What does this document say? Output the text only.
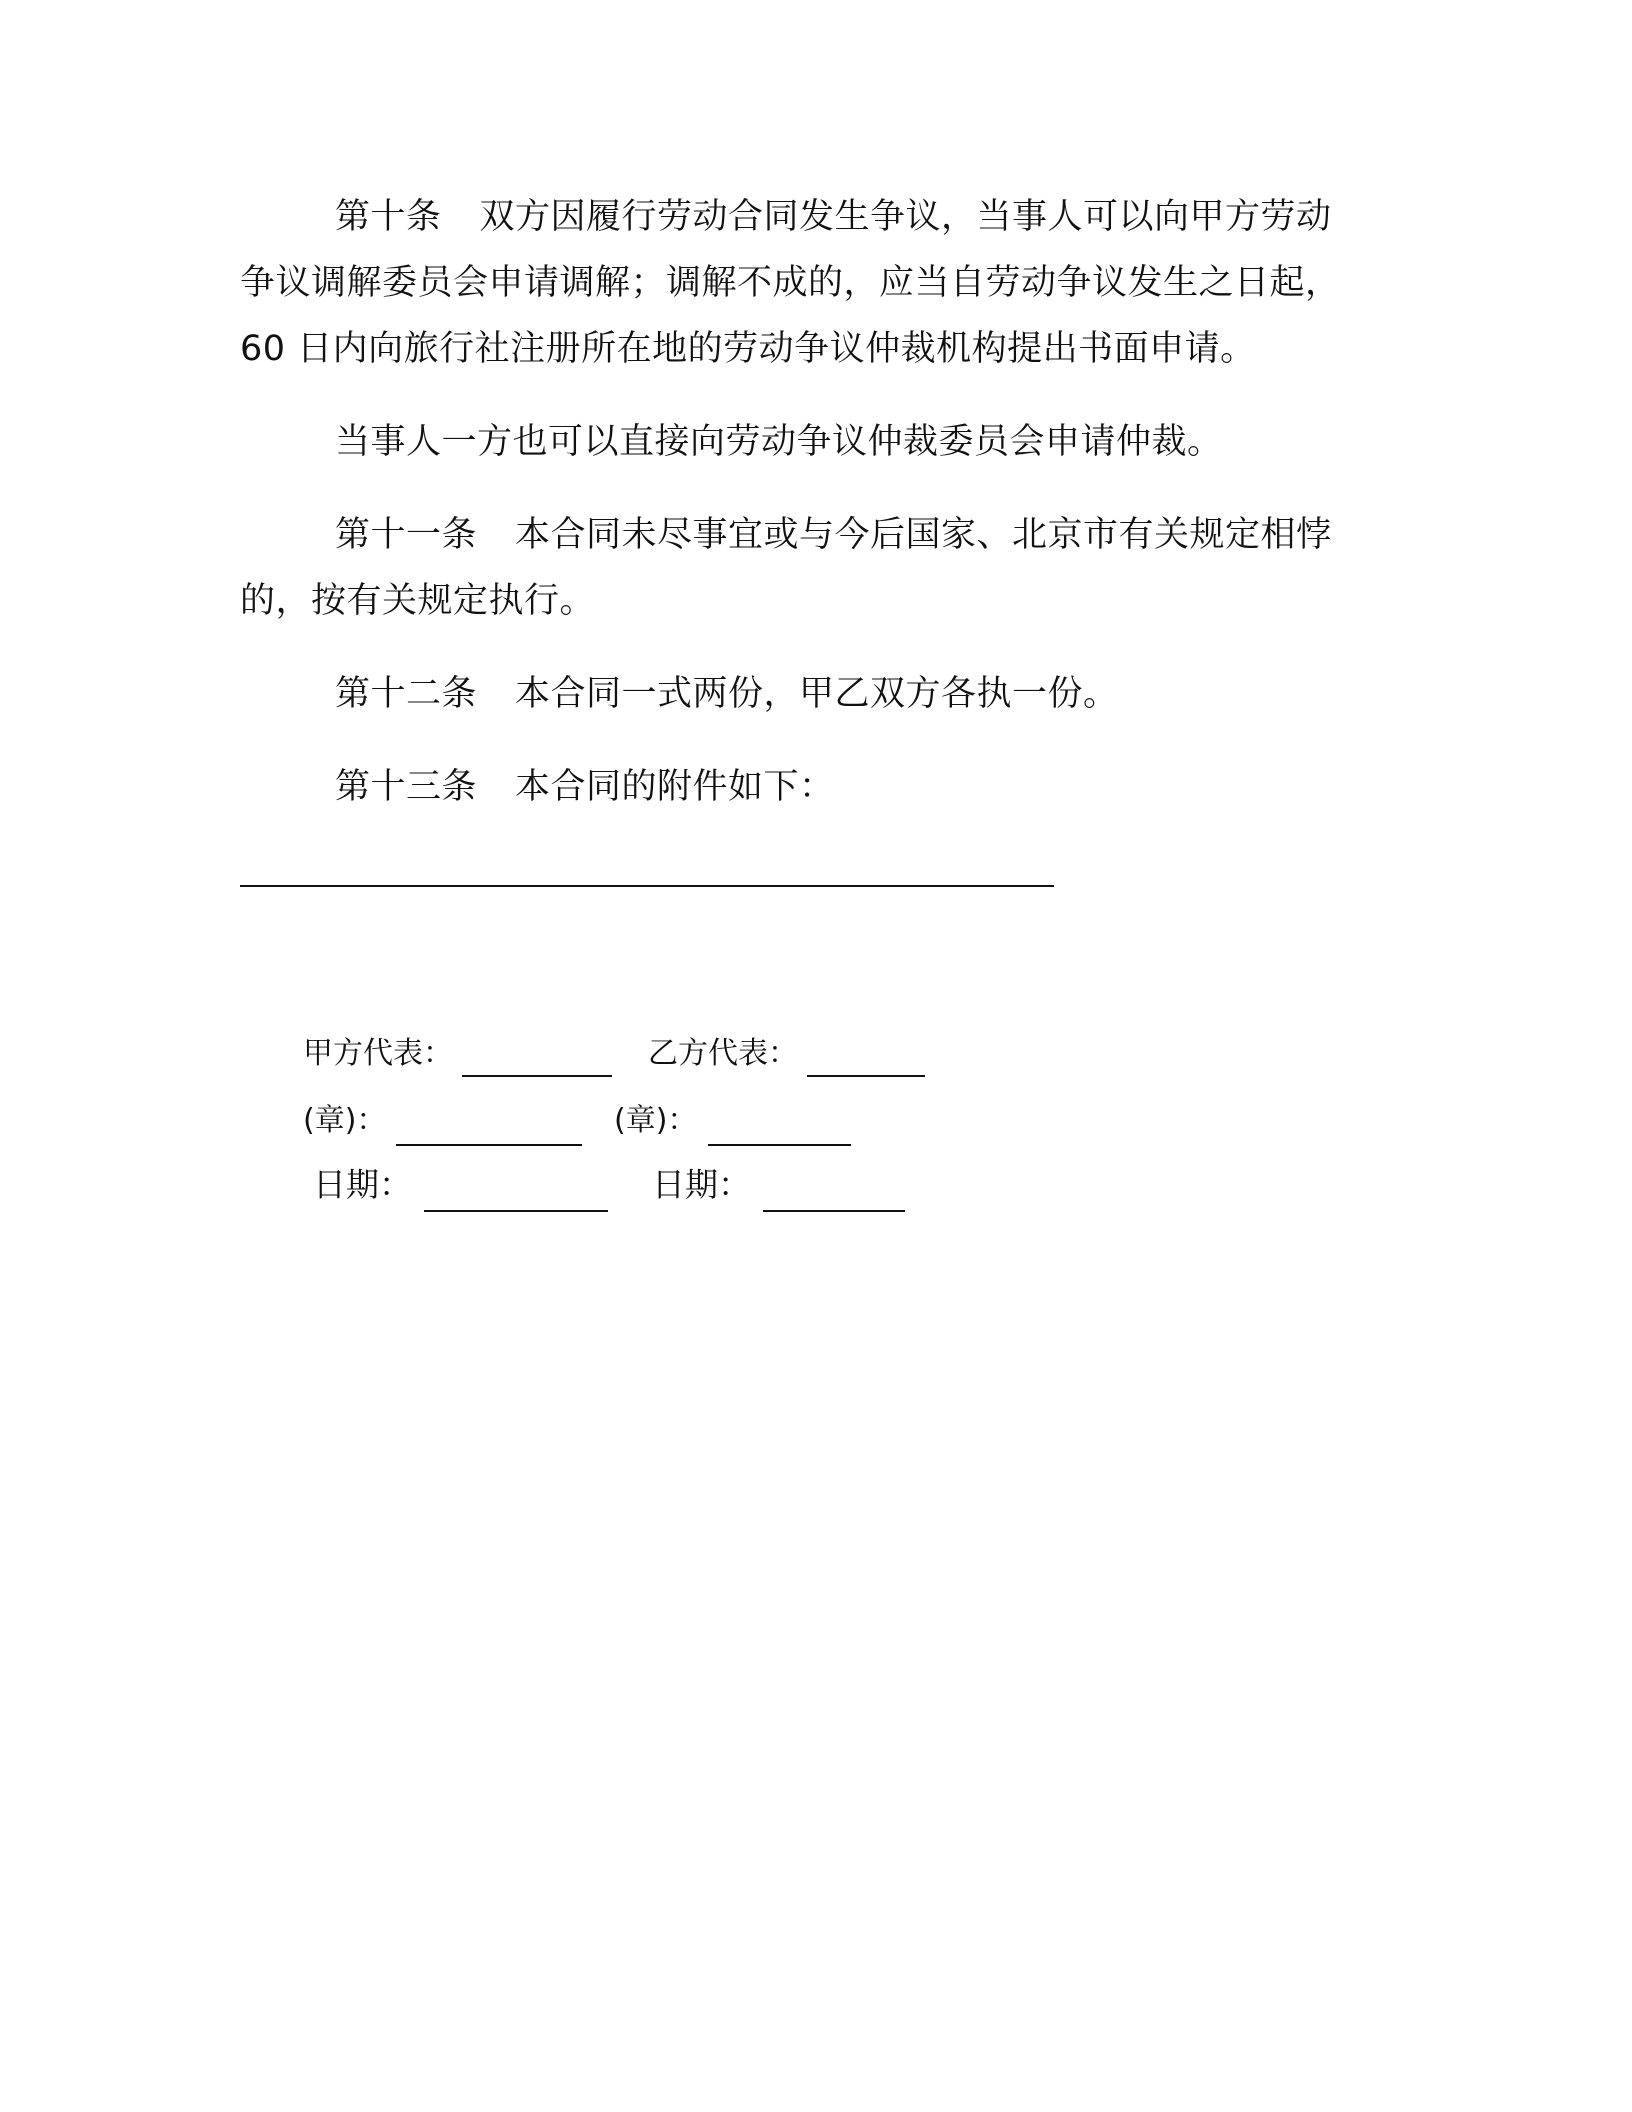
第十条 双方因履行劳动合同发生争议，当事人可以向甲方劳动
争议调解委员会申请调解；调解不成的，应当自劳动争议发生之日起，
60 日内向旅行社注册所在地的劳动争议仲裁机构提出书面申请。
当事人一方也可以直接向劳动争议仲裁委员会申请仲裁。
第十一条 本合同未尽事宜或与今后国家、北京市有关规定相悖
的，按有关规定执行。
第十二条 本合同一式两份，甲乙双方各执一份。
第十三条 本合同的附件如下：
甲方代表：	乙方代表：
(章)：	(章)：
日期：	日期：
